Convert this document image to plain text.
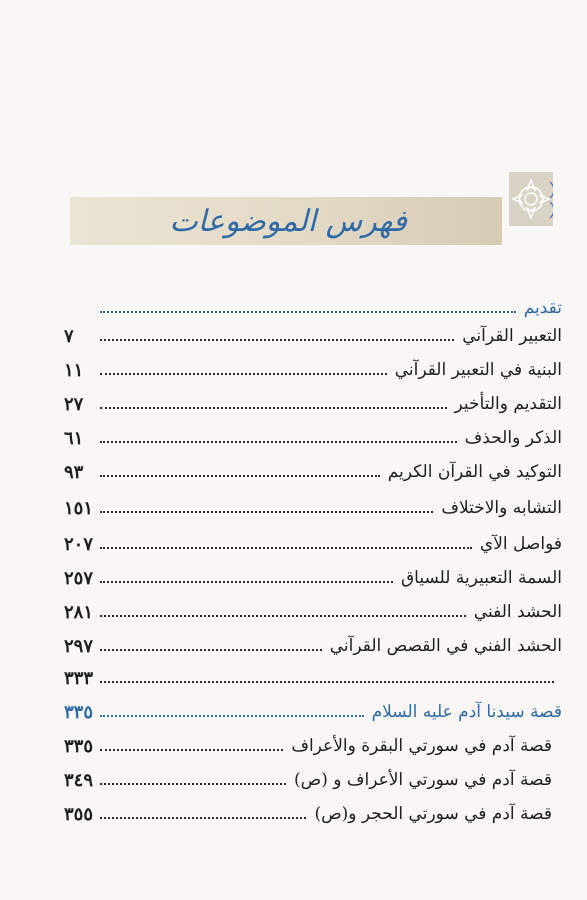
فهرس الموضوعات
تقديم
التعبير القرآني
٧
البنية في التعبير القرآني
١١
التقديم والتأخير
٢٧
الذكر والحذف
٦١
التوكيد في القرآن الكريم
٩٣
التشابه والاختلاف
١٥١
فواصل الآي
٢٠٧
السمة التعبيرية للسياق
٢٥٧
الحشد الفني
٢٨١
الحشد الفني في القصص القرآني
٢٩٧
٣٣٣
قصة سيدنا آدم عليه السلام
٣٣٥
قصة آدم في سورتي البقرة والأعراف
٣٣٥
قصة آدم في سورتي الأعراف و (ص)
٣٤٩
قصة آدم في سورتي الحجر و(ص)
٣٥٥
